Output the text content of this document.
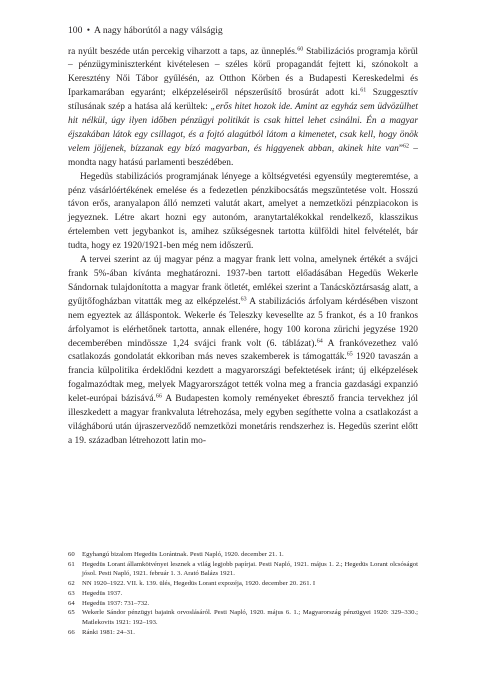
100 • A nagy háborútól a nagy válságig

ra nyúlt beszéde után percekig viharzott a taps, az ünneplés.$^{60}$ Stabilizációs programja körül – pénzügyminiszterként kivételesen – széles körű propagandát fejtett ki, szónokolt a Keresztény Női Tábor gyűlésén, az Otthon Körben és a Budapesti Kereskedelmi és Iparkamarában egyaránt; elképzeléseiről népszerűsítő brosúrát adott ki.$^{61}$ Szuggesztív stílusának szép a hatása alá kerültek: „erős hitet hozok ide. Amint az egyház sem üdvözülhet hit nélkül, úgy ilyen időben pénzügyi politikát is csak hittel lehet csinálni. Én a magyar éjszakában látok egy csillagot, és a fojtó alagútból látom a kimenetet, csak kell, hogy önök velem jöjjenek, bízzanak egy bízó magyarban, és higgyenek abban, akinek hite van”$^{62}$ – mondta nagy hatású parlamenti beszédében.

Hegedüs stabilizációs programjának lényege a költségvetési egyensúly megteremtése, a pénz vásárlóértékének emelése és a fedezetlen pénzkibocsátás megszüntetése volt. Hosszú távon erős, aranyalapon álló nemzeti valutát akart, amelyet a nemzetközi pénzpiacokon is jegyeznek. Létre akart hozni egy autonóm, aranytartalékokkal rendelkező, klasszikus értelemben vett jegybankot is, amihez szükségesnek tartotta külföldi hitel felvételét, bár tudta, hogy ez 1920/1921-ben még nem időszerű.

A tervei szerint az új magyar pénz a magyar frank lett volna, amelynek értékét a svájci frank 5%-ában kívánta meghatározni. 1937-ben tartott előadásában Hegedüs Wekerle Sándornak tulajdonította a magyar frank ötletét, emlékei szerint a Tanácsköztársaság alatt, a gyűjtőfogházban vitatták meg az elképzelést.$^{63}$ A stabilizációs árfolyam kérdésében viszont nem egyeztek az álláspontok. Wekerle és Teleszky kevesellte az 5 frankot, és a 10 frankos árfolyamot is elérhetőnek tartotta, annak ellenére, hogy 100 korona zürichi jegyzése 1920 decemberében mindössze 1,24 svájci frank volt (6. táblázat).$^{64}$ A frankóvezethez való csatlakozás gondolatát ekkoriban más neves szakemberek is támogatták.$^{65}$ 1920 tavaszán a francia külpolitika érdeklődni kezdett a magyarországi befektetések iránt; új elképzelések fogalmazódtak meg, melyek Magyarországot tették volna meg a francia gazdasági expanzió kelet-európai bázisává.$^{66}$ A Budapesten komoly reményeket ébresztő francia tervekhez jól illeszkedett a magyar frankvaluta létrehozása, mely egyben segíthette volna a csatlakozást a világháború után újraszerveződő nemzetközi monetáris rendszerhez is. Hegedüs szerint előtt a 19. században létrehozott latin mo-

60	Egyhangú bizalom Hegedüs Lorántnak. Pesti Napló, 1920. december 21. 1.
61	Hegedüs Lorant államkötvényei lesznek a világ legjobb papírjai. Pesti Napló, 1921. május 1. 2.; Hegedüs Lorant olcsóságot jósol. Pesti Napló, 1921. február 1. 3. Arató Balázs 1921.
62	NN 1920–1922. VII. k. 139. ülés, Hegedüs Lorant expozéja, 1920. december 20. 261. I
63	Hegedüs 1937.
64	Hegedüs 1937: 731–732.
65	Wekerle Sándor pénzügyi bajaink orvoslásáról. Pesti Napló, 1920. május 6. 1.; Magyarország pénzügyei 1920: 329–330.; Matlekovits 1921: 192–193.
66	Ránki 1981: 24–31.
